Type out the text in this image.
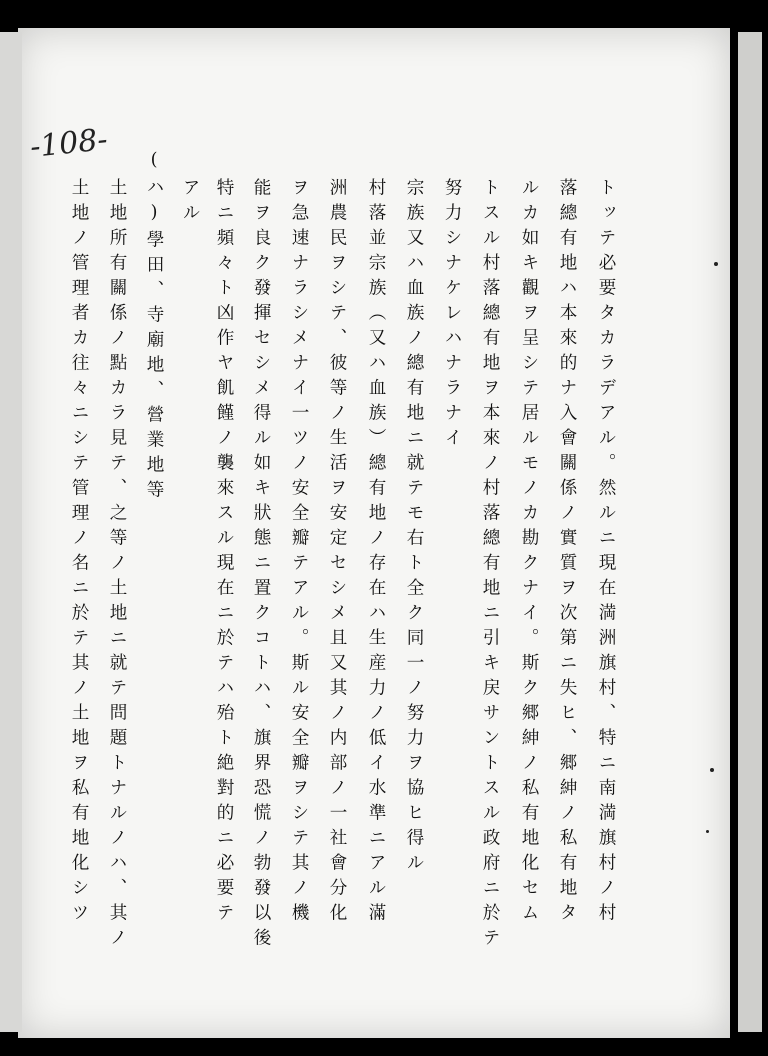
-108-
トッテ必要タカラデアル。然ルニ現在満洲旗村、特ニ南満旗村ノ村
落總有地ハ本來的ナ入會關係ノ實質ヲ次第ニ失ヒ、郷紳ノ私有地タ
ルカ如キ觀ヲ呈シテ居ルモノカ勘クナイ。斯ク郷紳ノ私有地化セム
トスル村落總有地ヲ本來ノ村落總有地ニ引キ戻サントスル政府ニ於テ
努力シナケレハナラナイ
宗族又ハ血族ノ總有地ニ就テモ右ト全ク同一ノ努力ヲ協ヒ得ル
村落並宗族（又ハ血族）總有地ノ存在ハ生産力ノ低イ水準ニアル滿
洲農民ヲシテ、彼等ノ生活ヲ安定セシメ且又其ノ内部ノ一社會分化
ヲ急速ナラシメナイ一ツノ安全瓣テアル。斯ル安全瓣ヲシテ其ノ機
能ヲ良ク發揮セシメ得ル如キ狀態ニ置クコトハ、旗界恐慌ノ勃發以後
特ニ頻々ト凶作ヤ飢饉ノ襲來スル現在ニ於テハ殆ト絶對的ニ必要テ
アル
(ハ)學田、寺廟地、營業地等
土地所有關係ノ點カラ見テ、之等ノ土地ニ就テ問題トナルノハ、其ノ
土地ノ管理者カ往々ニシテ管理ノ名ニ於テ其ノ土地ヲ私有地化シツ
